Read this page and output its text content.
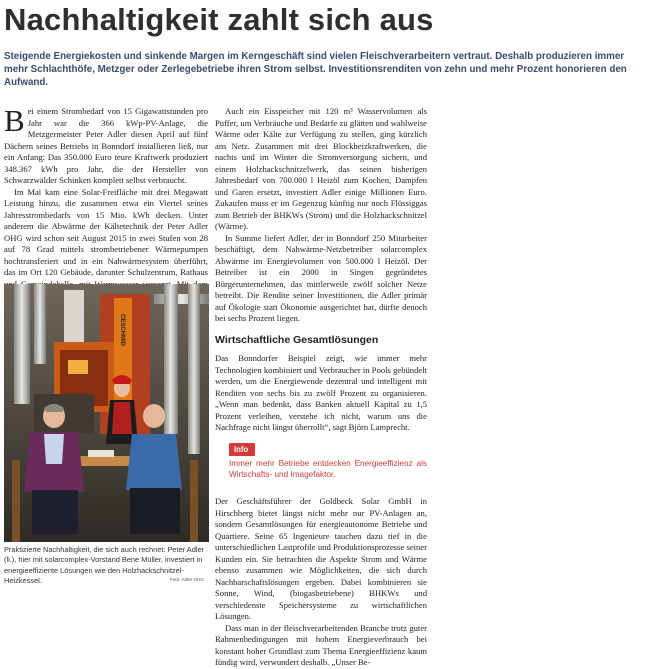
Nachhaltigkeit zahlt sich aus

Steigende Energiekosten und sinkende Margen im Kerngeschäft sind vielen Fleischverarbeitern vertraut. Deshalb produzieren immer mehr Schlachthöfe, Metzger oder Zerlegebetriebe ihren Strom selbst. Investitionsrenditen von zehn und mehr Prozent honorieren den Aufwand.

Bei einem Strombedarf von 15 Gigawattstunden pro Jahr war die 366 kWp-PV-Anlage, die Metzgermeister Peter Adler diesen April auf fünf Dächern seines Betriebs in Bonndorf installieren ließ, nur ein Anfang: Das 350.000 Euro teure Kraftwerk produziert 348.367 kWh pro Jahr, die der Hersteller von Schwarzwälder Schinken komplett selbst verbraucht.

Im Mai kam eine Solar-Freifläche mit drei Megawatt Leistung hinzu, die zusammen etwa ein Viertel seines Jahresstrombedarfs von 15 Mio. kWh decken. Unter anderem die Abwärme der Kältetechnik der Peter Adler OHG wird schon seit August 2015 in zwei Stufen von 28 auf 78 Grad mittels strombetriebener Wärmepumpen hochtransferiert und in ein Nahwärmesystem überführt, das im Ort 120 Gebäude, darunter Schulzentrum, Rathaus

CESCHMID

Praktizierte Nachhaltigkeit, die sich auch rechnet: Peter Adler (li.), hier mit solarcomplex-Vorstand Bene Müller, investiert in energieeffiziente Lösungen wie den Holzhackschnitzel-Heizkessel.	Foto: Adler OHG

Auch ein Eisspeicher mit 120 m³ Wasservolumen als Puffer, um Verbräuche und Bedarfe zu glätten und wahlweise Wärme oder Kälte zur Verfügung zu stellen, ging kürzlich ans Netz. Zusammen mit drei Blockheizkraftwerken, die nachts und im Winter die Stromversorgung sichern, und einem Holzhackschnitzelwerk, das seinen bisherigen Jahresbedarf von 700.000 l Heizöl zum Kochen, Dampfen und Garen ersetzt, investiert Adler einige Millionen Euro. Zukaufen muss er im Gegenzug künftig nur noch Flüssiggas zum Betrieb der BHKWs (Strom) und die Holzhackschnitzel (Wärme).

In Summe liefert Adler, der in Bonndorf 250 Mitarbeiter beschäftigt, dem Nahwärme-Netzbetreiber solarcomplex Abwärme im Energievolumen von 500.000 l Heizöl. Der Betreiber ist ein 2000 in Singen gegründetes Bürgerunternehmen, das mittlerweile zwölf solcher Netze betreibt. Die Rendite seiner Investitionen, die Adler primär auf Ökologie statt Ökonomie ausgerichtet hat, dürfte denoch bei sechs Prozent liegen.

Wirtschaftliche Gesamtlösungen

Das Bonndorfer Beispiel zeigt, wie immer mehr Technologien kombiniert und Verbraucher in Pools gebündelt werden, um die Energiewende dezentral und intelligent mit Renditen von sechs bis zu zwölf Prozent zu organisieren. „Wenn man bedenkt, dass Banken aktuell Kapital zu 1,5 Prozent verleihen, verstehe ich nicht, warum uns die Nachfrage nicht längst überrollt“, sagt Björn Lamprecht.

Info
Immer mehr Betriebe entdecken Energieeffizienz als Wirtschafts- und Imagefaktor.

Der Geschäftsführer der Goldbeck Solar GmbH in Hirschberg bietet längst nicht mehr nur PV-Anlagen an, sondern Gesamtlösungen für energieautonome Betriebe und Quartiere. Seine 65 Ingenieure tauchen dazu tief in die unterschiedlichen Lastprofile und Produktionsprozesse seiner Kunden ein. Sie betrachten die Aspekte Strom und Wärme ebenso zusammen wie Möglichkeiten, die sich durch Nachbarschaftslösungen ergeben. Dabei kombinieren sie Sonne, Wind, (biogasbetriebene) BHKWs und verschiedenste Speichersysteme zu wirtschaftlichen Lösungen.

Dass man in der fleischverarbeitenden Branche trotz guter Rahmenbedingungen mit hohem Energieverbrauch bei konstant hoher Grundlast zum Thema Energieeffizienz kaum fündig wird, verwundert deshalb. „Unser Be-
